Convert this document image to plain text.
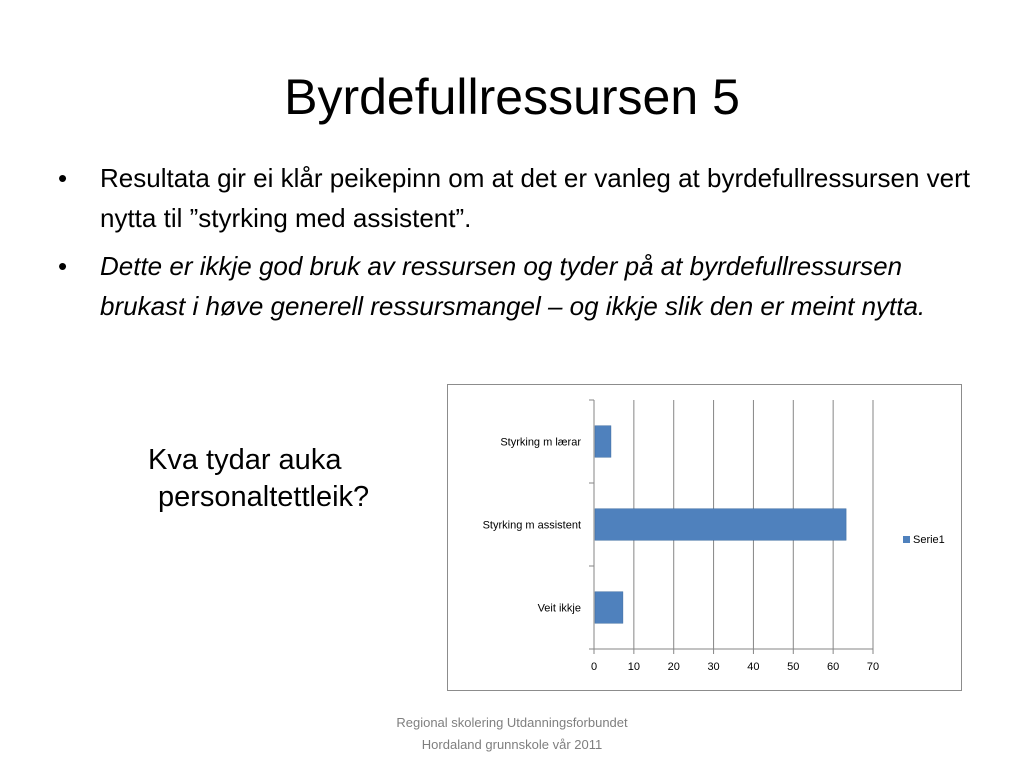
Byrdefullressursen 5
• Resultata gir ei klår peikepinn om at det er vanleg at byrdefullressursen vert nytta til ”styrking med assistent”.
• Dette er ikkje god bruk av ressursen og tyder på at byrdefullressursen brukast i høve generell ressursmangel – og ikkje slik den er meint nytta.
Kva tydar auka
personaltettleik?
Styrking m lærar
Styrking m assistent
Veit ikkje
0	10	20	30	40	50	60	70
Serie1
Regional skolering Utdanningsforbundet
Hordaland grunnskole vår 2011
